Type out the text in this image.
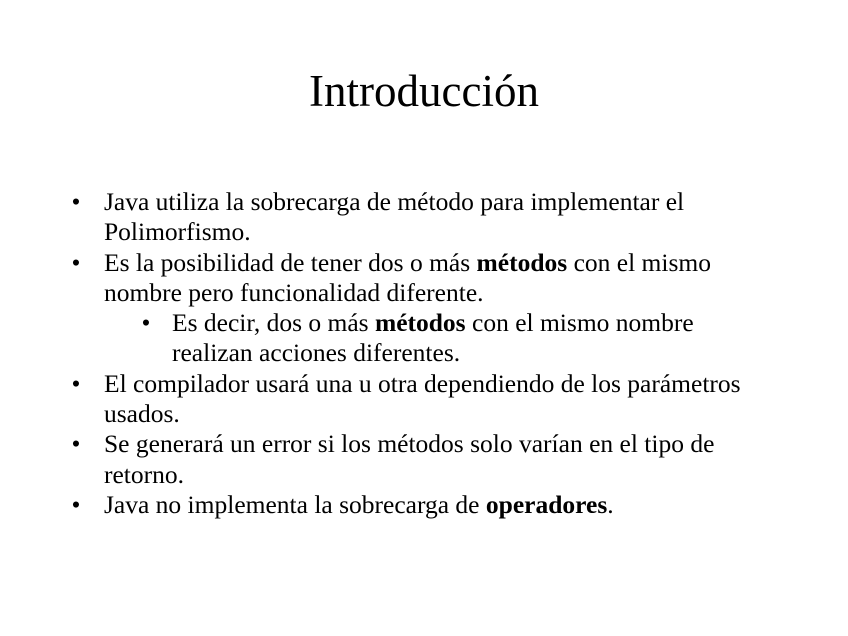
Introducción
• Java utiliza la sobrecarga de método para implementar el Polimorfismo.
• Es la posibilidad de tener dos o más métodos con el mismo nombre pero funcionalidad diferente.
• Es decir, dos o más métodos con el mismo nombre realizan acciones diferentes.
• El compilador usará una u otra dependiendo de los parámetros usados.
• Se generará un error si los métodos solo varían en el tipo de retorno.
• Java no implementa la sobrecarga de operadores.
